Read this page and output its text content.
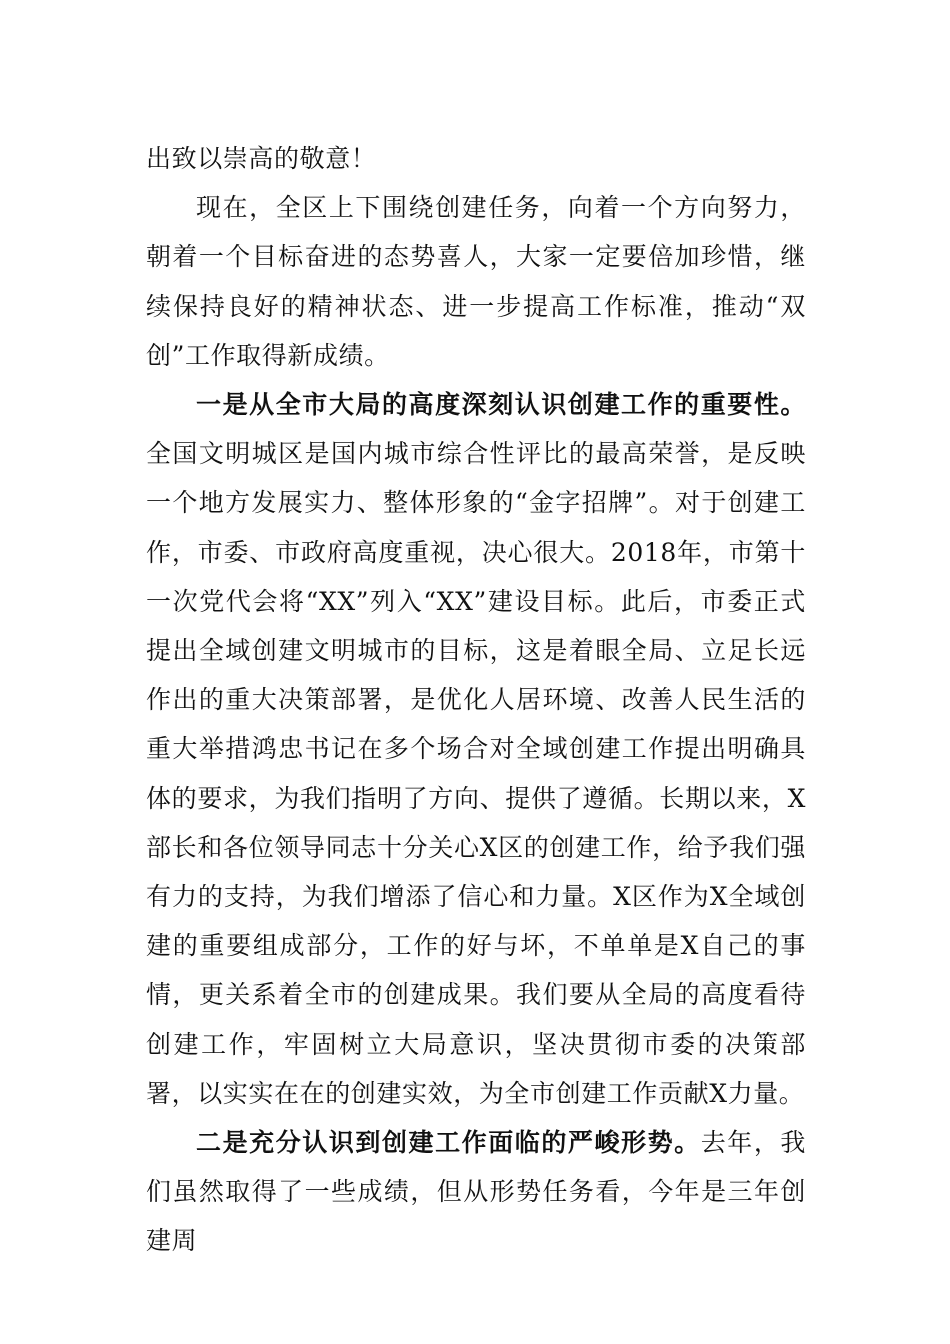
出致以崇高的敬意！

现在，全区上下围绕创建任务，向着一个方向努力，朝着一个目标奋进的态势喜人，大家一定要倍加珍惜，继续保持良好的精神状态、进一步提高工作标准，推动“双创”工作取得新成绩。

一是从全市大局的高度深刻认识创建工作的重要性。全国文明城区是国内城市综合性评比的最高荣誉，是反映一个地方发展实力、整体形象的“金字招牌”。对于创建工作，市委、市政府高度重视，决心很大。2018年，市第十一次党代会将“XX”列入“XX”建设目标。此后，市委正式提出全域创建文明城市的目标，这是着眼全局、立足长远作出的重大决策部署，是优化人居环境、改善人民生活的重大举措鸿忠书记在多个场合对全域创建工作提出明确具体的要求，为我们指明了方向、提供了遵循。长期以来，X部长和各位领导同志十分关心X区的创建工作，给予我们强有力的支持，为我们增添了信心和力量。X区作为X全域创建的重要组成部分，工作的好与坏，不单单是X自己的事情，更关系着全市的创建成果。我们要从全局的高度看待创建工作，牢固树立大局意识，坚决贯彻市委的决策部署，以实实在在的创建实效，为全市创建工作贡献X力量。

二是充分认识到创建工作面临的严峻形势。去年，我们虽然取得了一些成绩，但从形势任务看，今年是三年创建周
